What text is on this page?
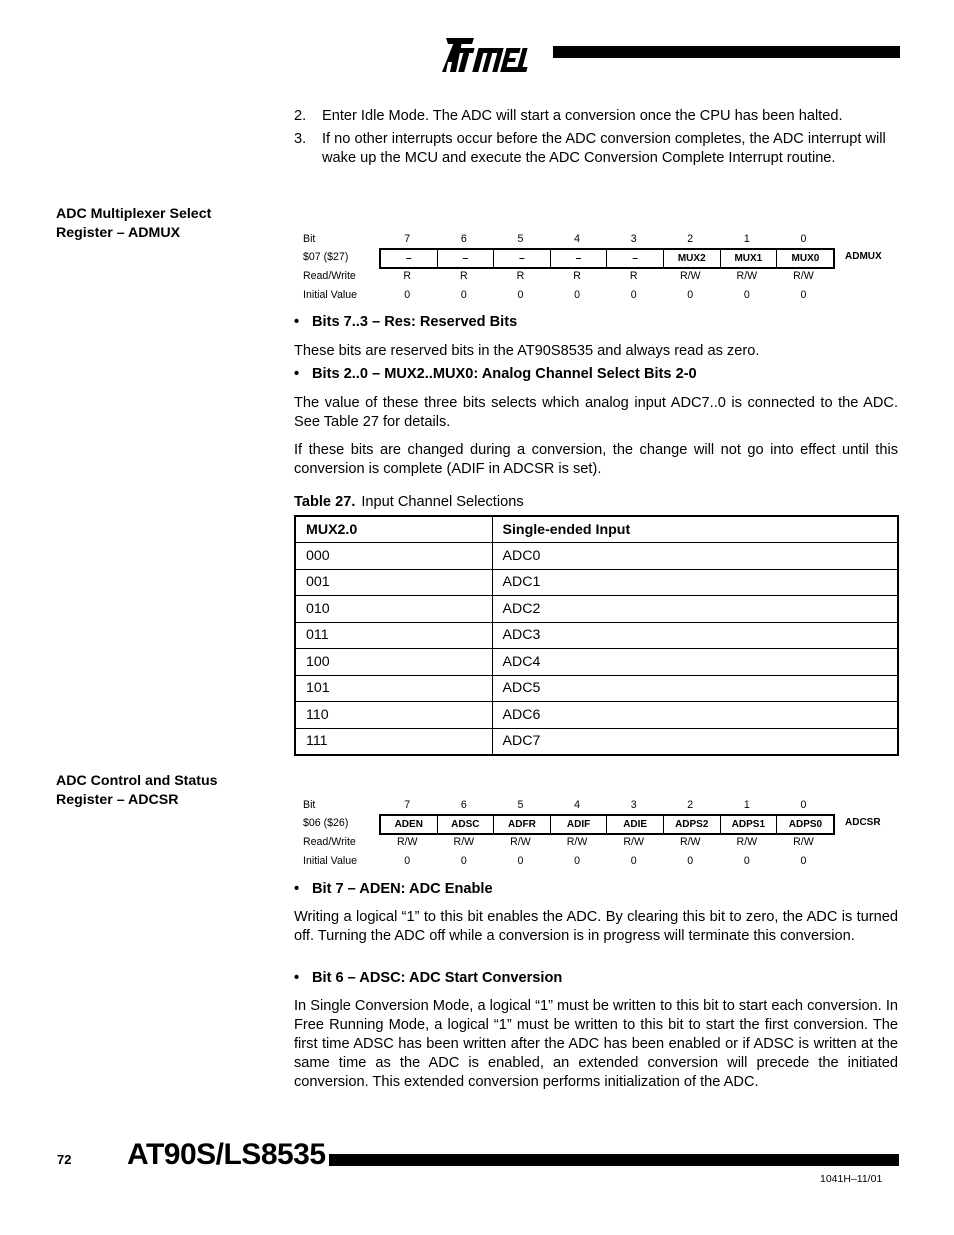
2. Enter Idle Mode. The ADC will start a conversion once the CPU has been halted.
3. If no other interrupts occur before the ADC conversion completes, the ADC interrupt will wake up the MCU and execute the ADC Conversion Complete Interrupt routine.
ADC Multiplexer Select
Register – ADMUX	Bit	7	6	5	4	3	2	1	0
$07 ($27)	–	–	–	–	–	MUX2	MUX1	MUX0	ADMUX
Read/Write	R	R	R	R	R	R/W	R/W	R/W
Initial Value	0	0	0	0	0	0	0	0
• Bits 7..3 – Res: Reserved Bits
These bits are reserved bits in the AT90S8535 and always read as zero.
• Bits 2..0 – MUX2..MUX0: Analog Channel Select Bits 2-0
The value of these three bits selects which analog input ADC7..0 is connected to the ADC. See Table 27 for details.
If these bits are changed during a conversion, the change will not go into effect until this conversion is complete (ADIF in ADCSR is set).
Table 27. Input Channel Selections
MUX2.0	Single-ended Input
000	ADC0
001	ADC1
010	ADC2
011	ADC3
100	ADC4
101	ADC5
110	ADC6
111	ADC7
ADC Control and Status
Register – ADCSR	Bit	7	6	5	4	3	2	1	0
$06 ($26)	ADEN	ADSC	ADFR	ADIF	ADIE	ADPS2	ADPS1	ADPS0	ADCSR
Read/Write	R/W	R/W	R/W	R/W	R/W	R/W	R/W	R/W
Initial Value	0	0	0	0	0	0	0	0
• Bit 7 – ADEN: ADC Enable
Writing a logical “1” to this bit enables the ADC. By clearing this bit to zero, the ADC is turned off. Turning the ADC off while a conversion is in progress will terminate this conversion.
• Bit 6 – ADSC: ADC Start Conversion
In Single Conversion Mode, a logical “1” must be written to this bit to start each conversion. In Free Running Mode, a logical “1” must be written to this bit to start the first conversion. The first time ADSC has been written after the ADC has been enabled or if ADSC is written at the same time as the ADC is enabled, an extended conversion will precede the initiated conversion. This extended conversion performs initialization of the ADC.
72 AT90S/LS8535
1041H–11/01
